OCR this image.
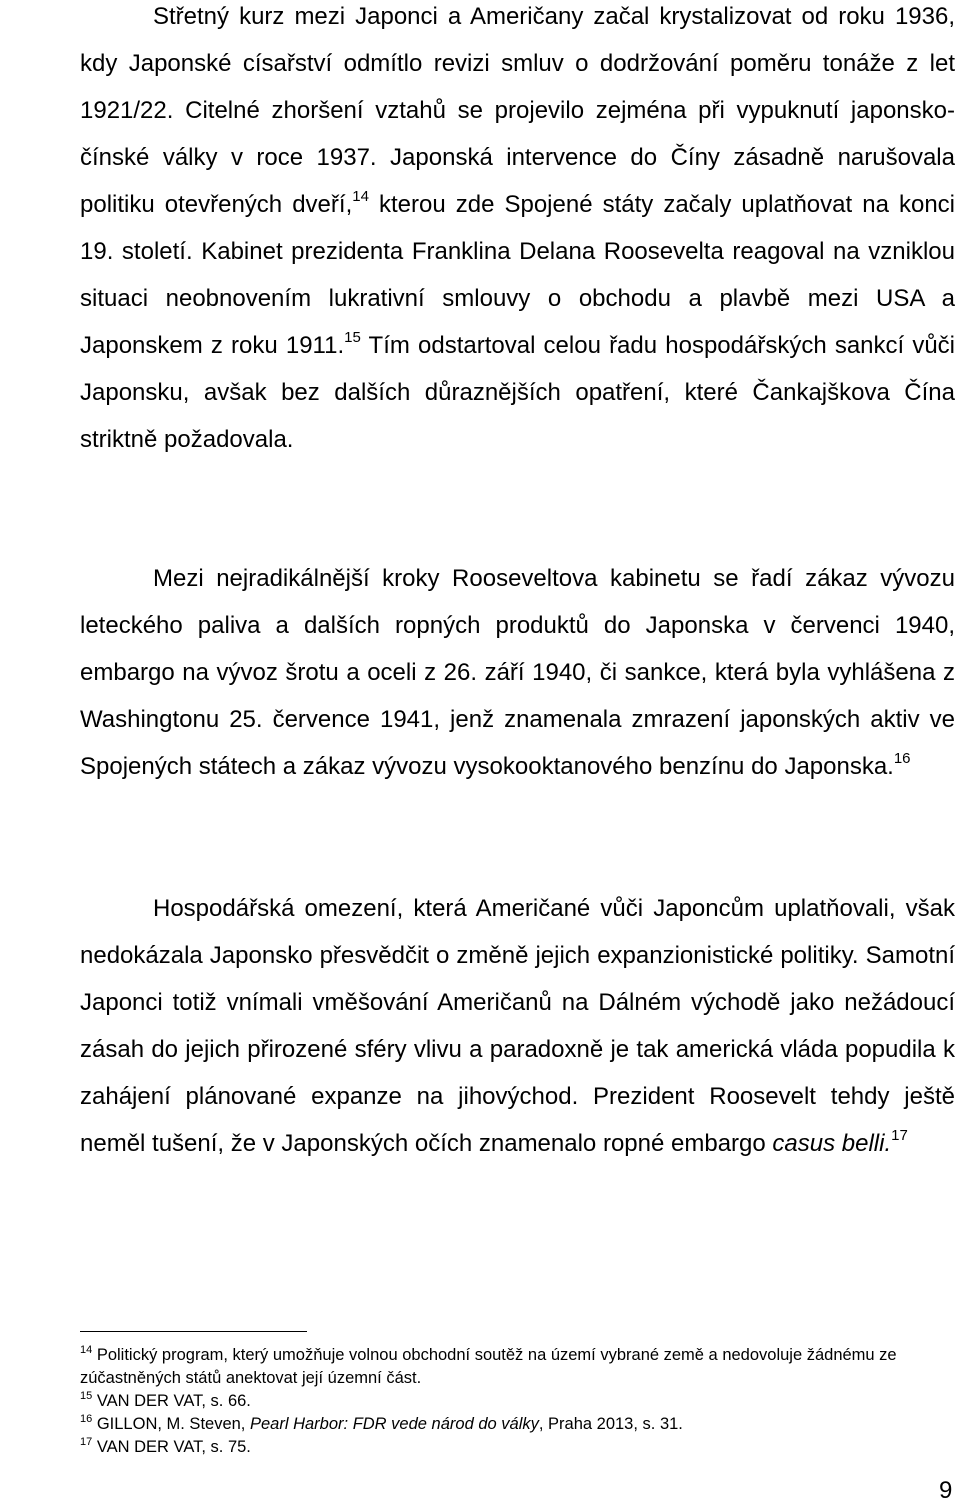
Střetný kurz mezi Japonci a Američany začal krystalizovat od roku 1936, kdy Japonské císařství odmítlo revizi smluv o dodržování poměru tonáže z let 1921/22. Citelné zhoršení vztahů se projevilo zejména při vypuknutí japonsko-čínské války v roce 1937. Japonská intervence do Číny zásadně narušovala politiku otevřených dveří,$^{14}$ kterou zde Spojené státy začaly uplatňovat na konci 19. století. Kabinet prezidenta Franklina Delana Roosevelta reagoval na vzniklou situaci neobnovením lukrativní smlouvy o obchodu a plavbě mezi USA a Japonskem z roku 1911.15 Tím odstartoval celou řadu hospodářských sankcí vůči Japonsku, avšak bez dalších důraznějších opatření, které Čankajškova Čína striktně požadovala.

Mezi nejradikálnější kroky Rooseveltova kabinetu se řadí zákaz vývozu leteckého paliva a dalších ropných produktů do Japonska v červenci 1940, embargo na vývoz šrotu a oceli z 26. září 1940, či sankce, která byla vyhlášena z Washingtonu 25. července 1941, jenž znamenala zmrazení japonských aktiv ve Spojených státech a zákaz vývozu vysokooktanového benzínu do Japonska.$^{16}$

Hospodářská omezení, která Američané vůči Japoncům uplatňovali, však nedokázala Japonsko přesvědčit o změně jejich expanzionistické politiky. Samotní Japonci totiž vnímali vměšování Američanů na Dálném východě jako nežádoucí zásah do jejich přirozené sféry vlivu a paradoxně je tak americká vláda popudila k zahájení plánované expanze na jihovýchod. Prezident Roosevelt tehdy ještě neměl tušení, že v Japonských očích znamenalo ropné embargo casus belli.$^{17}$

$^{14}$ Politický program, který umožňuje volnou obchodní soutěž na území vybrané země a nedovoluje žádnému ze zúčastněných států anektovat její územní část.

$^{15}$ VAN DER VAT, s. 66.

$^{16}$ GILLON, M. Steven, Pearl Harbor: FDR vede národ do války, Praha 2013, s. 31.

$^{17}$ VAN DER VAT, s. 75.

9
